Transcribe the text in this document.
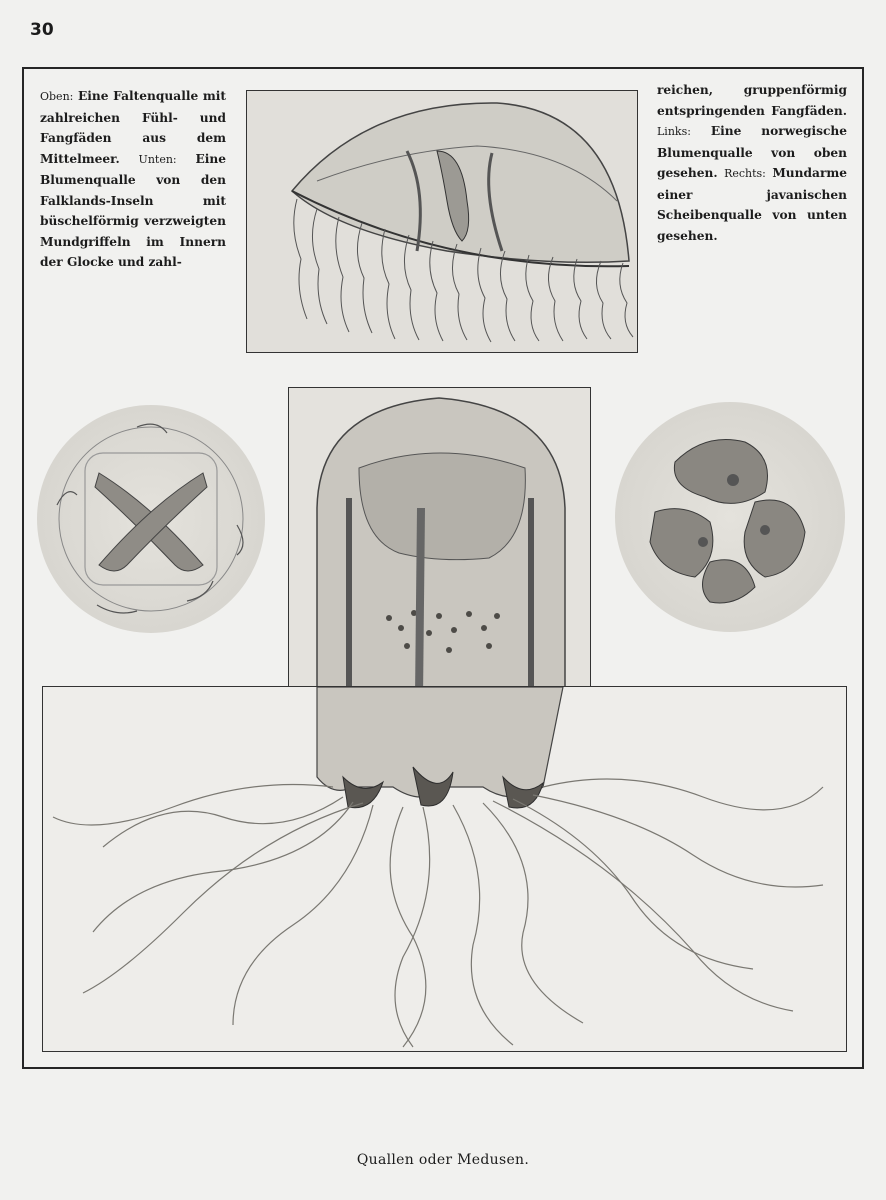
30
Oben: Eine Faltenqualle mit zahlreichen Fühl- und Fangfäden aus dem Mittelmeer. Unten: Eine Blumenqualle von den Falklands-Inseln mit büschelförmig verzweigten Mundgriffeln im Innern der Glocke und zahl-
reichen, gruppenförmig entspringenden Fangfäden. Links: Eine norwegische Blumenqualle von oben gesehen. Rechts: Mundarme einer javanischen Scheibenqualle von unten gesehen.
Quallen oder Medusen.
